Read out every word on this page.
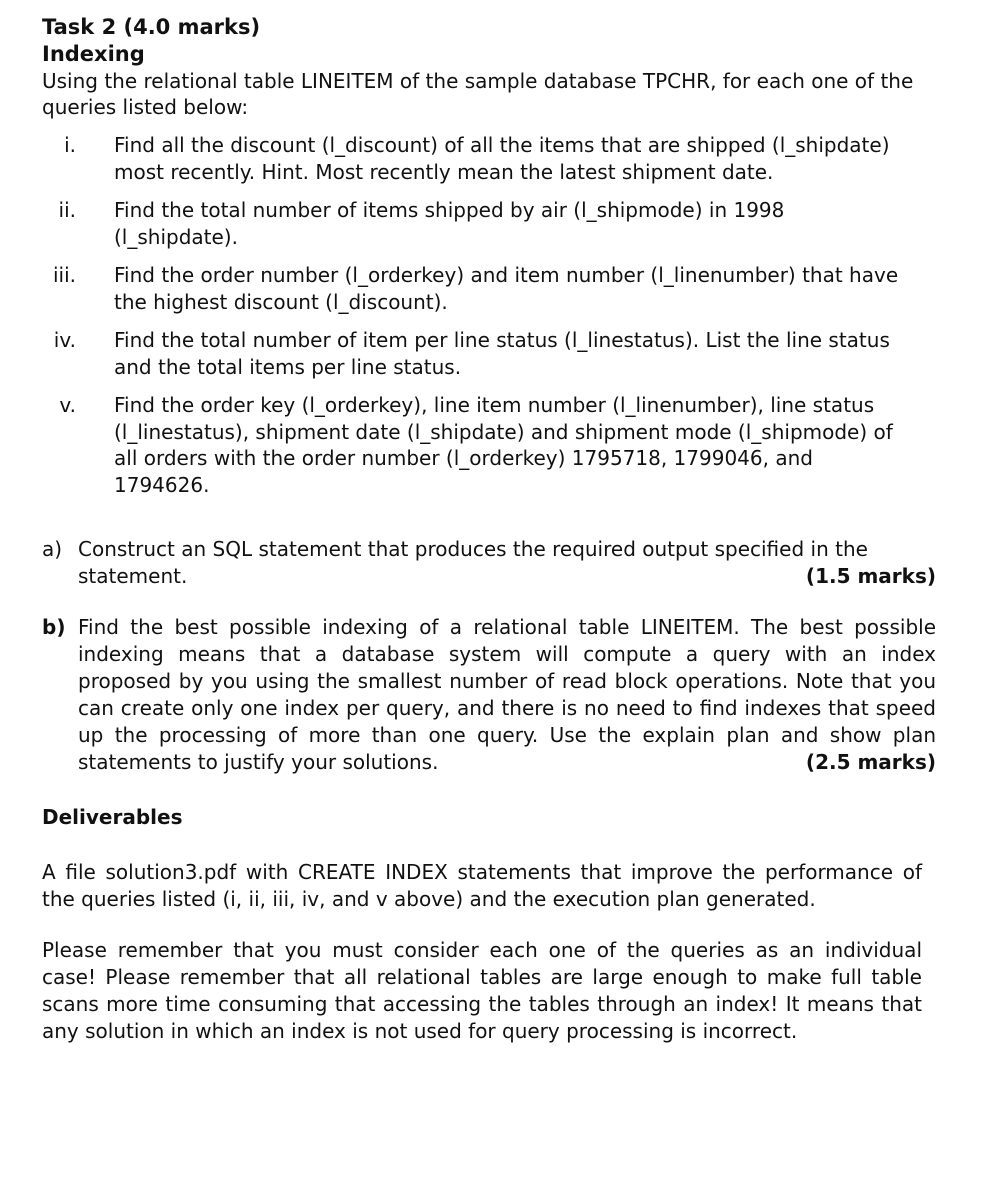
Task 2 (4.0 marks)

Indexing

Using the relational table LINEITEM of the sample database TPCHR, for each one of the queries listed below:

i. Find all the discount (l_discount) of all the items that are shipped (l_shipdate) most recently. Hint. Most recently mean the latest shipment date.
ii. Find the total number of items shipped by air (l_shipmode) in 1998 (l_shipdate).
iii. Find the order number (l_orderkey) and item number (l_linenumber) that have the highest discount (l_discount).
iv. Find the total number of item per line status (l_linestatus). List the line status and the total items per line status.
v. Find the order key (l_orderkey), line item number (l_linenumber), line status (l_linestatus), shipment date (l_shipdate) and shipment mode (l_shipmode) of all orders with the order number (l_orderkey) 1795718, 1799046, and 1794626.
a) Construct an SQL statement that produces the required output specified in the statement.	(1.5 marks)
b) Find the best possible indexing of a relational table LINEITEM. The best possible indexing means that a database system will compute a query with an index proposed by you using the smallest number of read block operations. Note that you can create only one index per query, and there is no need to find indexes that speed up the processing of more than one query. Use the explain plan and show plan statements to justify your solutions.	(2.5 marks)

Deliverables

A file solution3.pdf with CREATE INDEX statements that improve the performance of the queries listed (i, ii, iii, iv, and v above) and the execution plan generated.

Please remember that you must consider each one of the queries as an individual case! Please remember that all relational tables are large enough to make full table scans more time consuming that accessing the tables through an index! It means that any solution in which an index is not used for query processing is incorrect.
